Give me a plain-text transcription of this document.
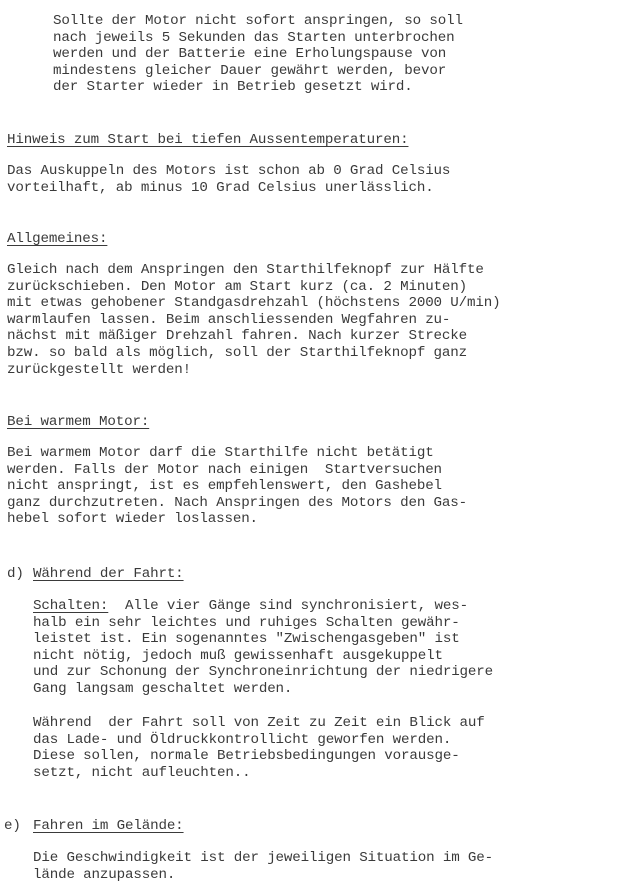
Sollte der Motor nicht sofort anspringen, so soll
nach jeweils 5 Sekunden das Starten unterbrochen
werden und der Batterie eine Erholungspause von
mindestens gleicher Dauer gewährt werden, bevor
der Starter wieder in Betrieb gesetzt wird.
Hinweis zum Start bei tiefen Aussentemperaturen:
Das Auskuppeln des Motors ist schon ab 0 Grad Celsius
vorteilhaft, ab minus 10 Grad Celsius unerlässlich.
Allgemeines:
Gleich nach dem Anspringen den Starthilfeknopf zur Hälfte
zurückschieben. Den Motor am Start kurz (ca. 2 Minuten)
mit etwas gehobener Standgasdrehzahl (höchstens 2000 U/min)
warmlaufen lassen. Beim anschliessenden Wegfahren zu-
nächst mit mäßiger Drehzahl fahren. Nach kurzer Strecke
bzw. so bald als möglich, soll der Starthilfeknopf ganz
zurückgestellt werden!
Bei warmem Motor:
Bei warmem Motor darf die Starthilfe nicht betätigt
werden. Falls der Motor nach einigen  Startversuchen
nicht anspringt, ist es empfehlenswert, den Gashebel
ganz durchzutreten. Nach Anspringen des Motors den Gas-
hebel sofort wieder loslassen.
d) Während der Fahrt:
Schalten:  Alle vier Gänge sind synchronisiert, wes-
halb ein sehr leichtes und ruhiges Schalten gewähr-
leistet ist. Ein sogenanntes "Zwischengasgeben" ist
nicht nötig, jedoch muß gewissenhaft ausgekuppelt
und zur Schonung der Synchroneinrichtung der niedrigere
Gang langsam geschaltet werden.
Während  der Fahrt soll von Zeit zu Zeit ein Blick auf
das Lade- und Öldruckkontrollicht geworfen werden.
Diese sollen, normale Betriebsbedingungen vorausge-
setzt, nicht aufleuchten..
e) Fahren im Gelände:
Die Geschwindigkeit ist der jeweiligen Situation im Ge-
lände anzupassen.
